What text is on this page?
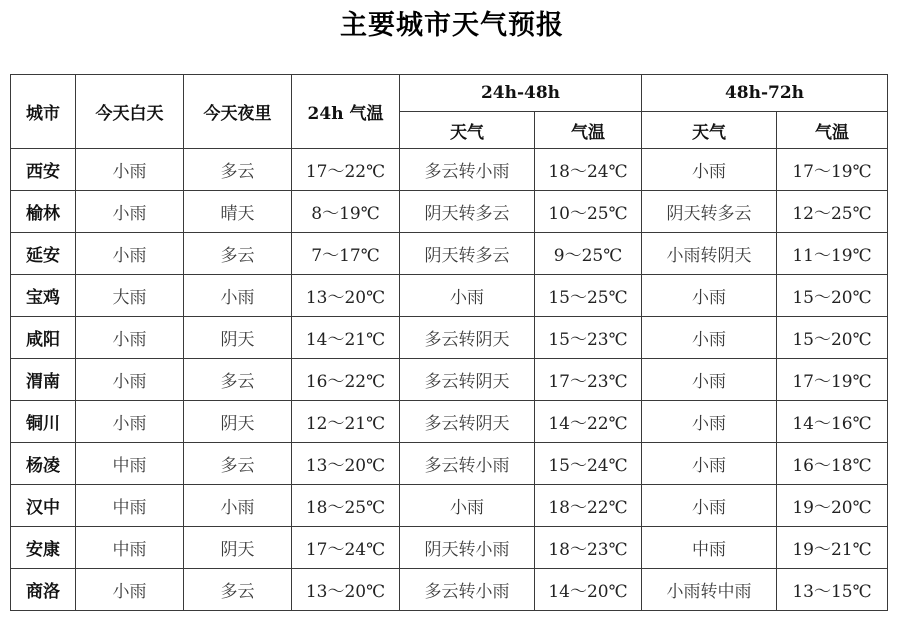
主要城市天气预报
城市	今天白天	今天夜里	24h 气温	24h-48h		48h-72h	
				天气	气温	天气	气温
西安	小雨	多云	17～22℃	多云转小雨	18～24℃	小雨	17～19℃
榆林	小雨	晴天	8～19℃	阴天转多云	10～25℃	阴天转多云	12～25℃
延安	小雨	多云	7～17℃	阴天转多云	9～25℃	小雨转阴天	11～19℃
宝鸡	大雨	小雨	13～20℃	小雨	15～25℃	小雨	15～20℃
咸阳	小雨	阴天	14～21℃	多云转阴天	15～23℃	小雨	15～20℃
渭南	小雨	多云	16～22℃	多云转阴天	17～23℃	小雨	17～19℃
铜川	小雨	阴天	12～21℃	多云转阴天	14～22℃	小雨	14～16℃
杨凌	中雨	多云	13～20℃	多云转小雨	15～24℃	小雨	16～18℃
汉中	中雨	小雨	18～25℃	小雨	18～22℃	小雨	19～20℃
安康	中雨	阴天	17～24℃	阴天转小雨	18～23℃	中雨	19～21℃
商洛	小雨	多云	13～20℃	多云转小雨	14～20℃	小雨转中雨	13～15℃
